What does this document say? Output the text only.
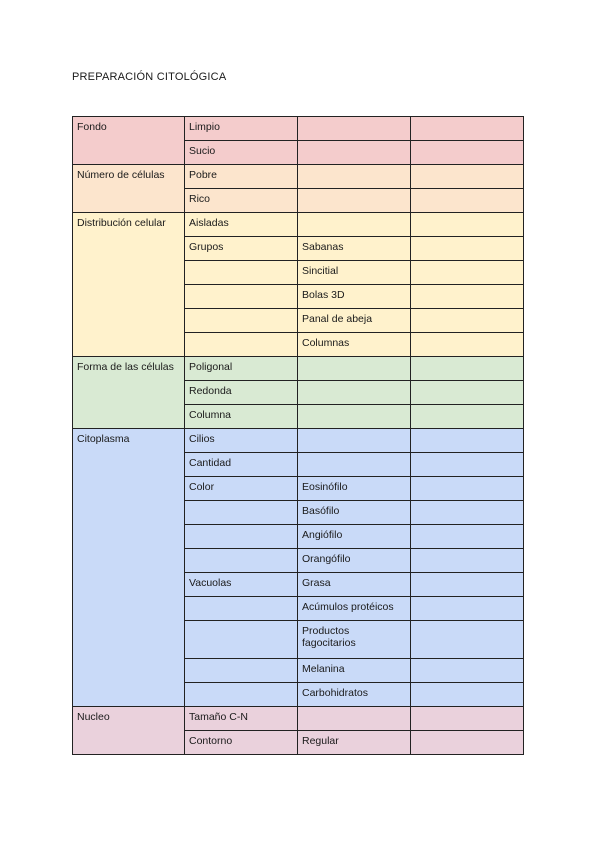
PREPARACIÓN CITOLÓGICA
Fondo	Limpio		
	Sucio		
Número de células	Pobre		
	Rico		
Distribución celular	Aisladas		
	Grupos	Sabanas	
		Sincitial	
		Bolas 3D	
		Panal de abeja	
		Columnas	
Forma de las células	Poligonal		
	Redonda		
	Columna		
Citoplasma	Cilios		
	Cantidad		
	Color	Eosinófilo	
		Basófilo	
		Angiófilo	
		Orangófilo	
	Vacuolas	Grasa	
		Acúmulos protéicos	
		Productos fagocitarios	
		Melanina	
		Carbohidratos	
Nucleo	Tamaño C-N		
	Contorno	Regular	
